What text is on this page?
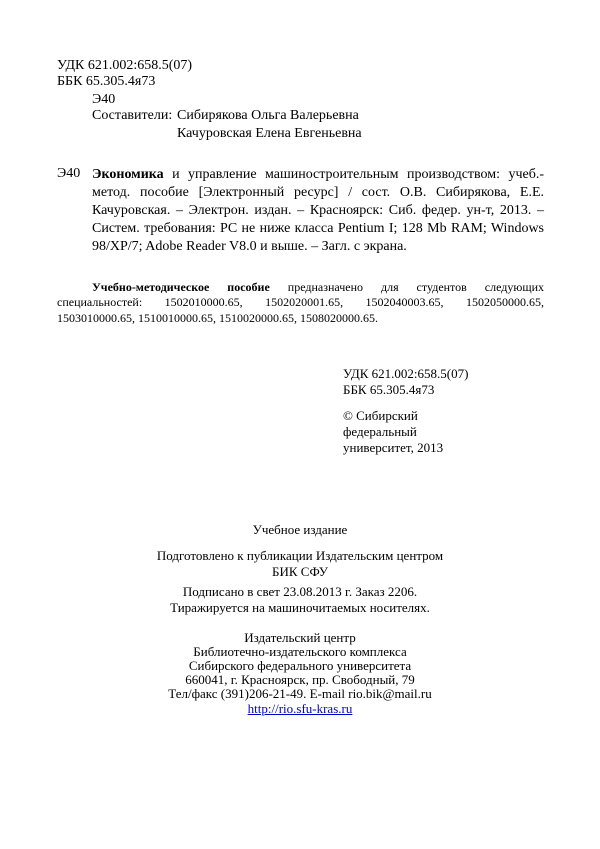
УДК 621.002:658.5(07)
ББК 65.305.4я73
Э40
Составители: Сибирякова Ольга Валерьевна
Качуровская Елена Евгеньевна
Э40 Экономика и управление машиностроительным производством: учеб.-
метод. пособие [Электронный ресурс] / сост. О.В. Сибирякова, Е.Е.
Качуровская. – Электрон. издан. – Красноярск: Сиб. федер. ун-т, 2013. –
Систем. требования: PC не ниже класса Pentium I; 128 Mb RAM; Windows
98/XP/7; Adobe Reader V8.0 и выше. – Загл. с экрана.
Учебно-методическое пособие предназначено для студентов следующих
специальностей: 1502010000.65, 1502020001.65, 1502040003.65, 1502050000.65,
1503010000.65, 1510010000.65, 1510020000.65, 1508020000.65.
УДК 621.002:658.5(07)
ББК 65.305.4я73
© Сибирский
федеральный
университет, 2013
Учебное издание
Подготовлено к публикации Издательским центром
БИК СФУ
Подписано в свет 23.08.2013 г. Заказ 2206.
Тиражируется на машиночитаемых носителях.
Издательский центр
Библиотечно-издательского комплекса
Сибирского федерального университета
660041, г. Красноярск, пр. Свободный, 79
Тел/факс (391)206-21-49. E-mail rio.bik@mail.ru
http://rio.sfu-kras.ru
